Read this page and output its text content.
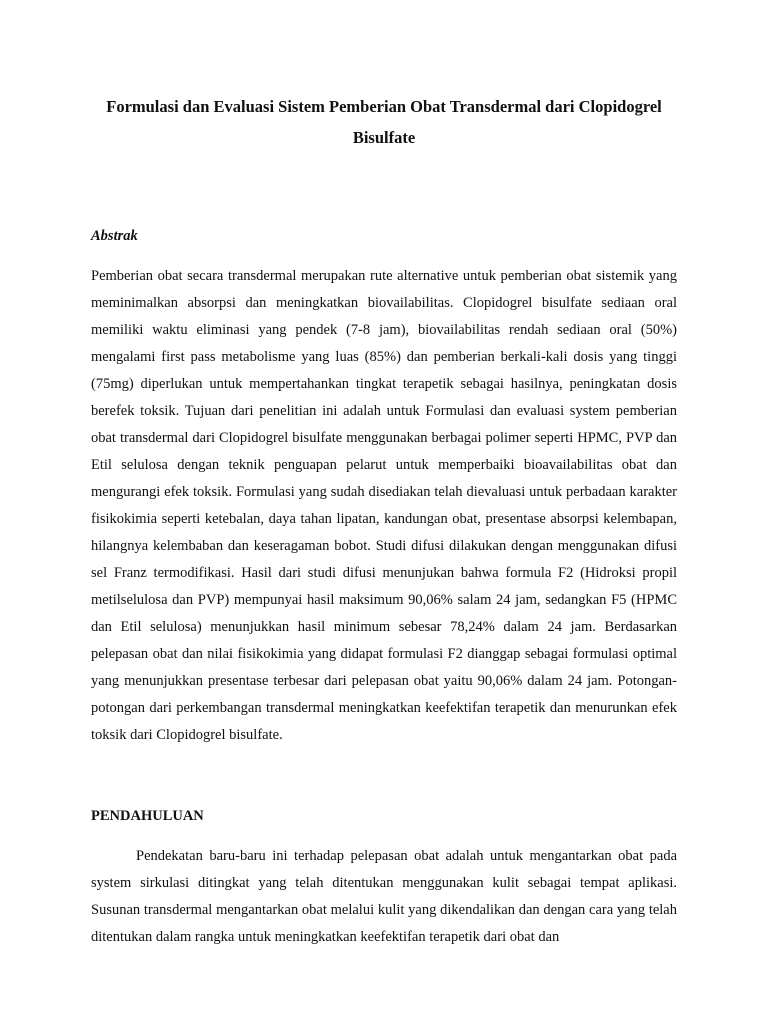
Formulasi dan Evaluasi Sistem Pemberian Obat Transdermal dari Clopidogrel Bisulfate
Abstrak

Pemberian obat secara transdermal merupakan rute alternative untuk pemberian obat sistemik yang meminimalkan absorpsi dan meningkatkan biovailabilitas. Clopidogrel bisulfate sediaan oral memiliki waktu eliminasi yang pendek (7-8 jam), biovailabilitas rendah sediaan oral (50%) mengalami first pass metabolisme yang luas (85%) dan pemberian berkali-kali dosis yang tinggi (75mg) diperlukan untuk mempertahankan tingkat terapetik sebagai hasilnya, peningkatan dosis berefek toksik. Tujuan dari penelitian ini adalah untuk Formulasi dan evaluasi system pemberian obat transdermal dari Clopidogrel bisulfate menggunakan berbagai polimer seperti HPMC, PVP dan Etil selulosa dengan teknik penguapan pelarut untuk memperbaiki bioavailabilitas obat dan mengurangi efek toksik. Formulasi yang sudah disediakan telah dievaluasi untuk perbadaan karakter fisikokimia seperti ketebalan, daya tahan lipatan, kandungan obat, presentase absorpsi kelembapan, hilangnya kelembaban dan keseragaman bobot. Studi difusi dilakukan dengan menggunakan difusi sel Franz termodifikasi. Hasil dari studi difusi menunjukan bahwa formula F2 (Hidroksi propil metilselulosa dan PVP) mempunyai hasil maksimum 90,06% salam 24 jam, sedangkan F5 (HPMC dan Etil selulosa) menunjukkan hasil minimum sebesar 78,24% dalam 24 jam. Berdasarkan pelepasan obat dan nilai fisikokimia yang didapat formulasi F2 dianggap sebagai formulasi optimal yang menunjukkan presentase terbesar dari pelepasan obat yaitu 90,06% dalam 24 jam. Potongan-potongan dari perkembangan transdermal meningkatkan keefektifan terapetik dan menurunkan efek toksik dari Clopidogrel bisulfate.

PENDAHULUAN

Pendekatan baru-baru ini terhadap pelepasan obat adalah untuk mengantarkan obat pada system sirkulasi ditingkat yang telah ditentukan menggunakan kulit sebagai tempat aplikasi. Susunan transdermal mengantarkan obat melalui kulit yang dikendalikan dan dengan cara yang telah ditentukan dalam rangka untuk meningkatkan keefektifan terapetik dari obat dan
